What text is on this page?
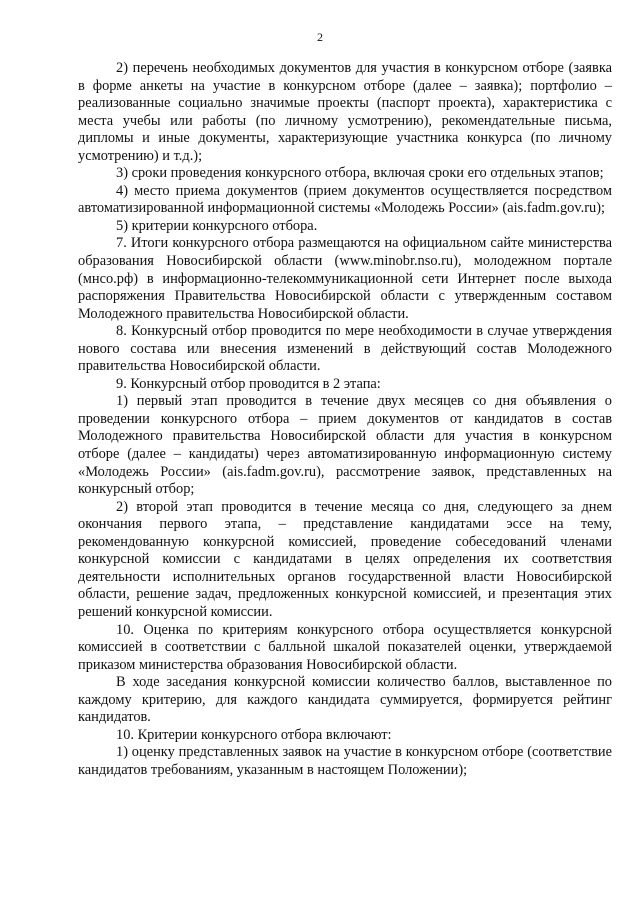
2

2) перечень необходимых документов для участия в конкурсном отборе (заявка в форме анкеты на участие в конкурсном отборе (далее – заявка); портфолио – реализованные социально значимые проекты (паспорт проекта), характеристика с места учебы или работы (по личному усмотрению), рекомендательные письма, дипломы и иные документы, характеризующие участника конкурса (по личному усмотрению) и т.д.);

3) сроки проведения конкурсного отбора, включая сроки его отдельных этапов;

4) место приема документов (прием документов осуществляется посредством автоматизированной информационной системы «Молодежь России» (ais.fadm.gov.ru);

5) критерии конкурсного отбора.

7. Итоги конкурсного отбора размещаются на официальном сайте министерства образования Новосибирской области (www.minobr.nso.ru), молодежном портале (мнсо.рф) в информационно-телекоммуникационной сети Интернет после выхода распоряжения Правительства Новосибирской области с утвержденным составом Молодежного правительства Новосибирской области.

8. Конкурсный отбор проводится по мере необходимости в случае утверждения нового состава или внесения изменений в действующий состав Молодежного правительства Новосибирской области.

9. Конкурсный отбор проводится в 2 этапа:

1) первый этап проводится в течение двух месяцев со дня объявления о проведении конкурсного отбора – прием документов от кандидатов в состав Молодежного правительства Новосибирской области для участия в конкурсном отборе (далее – кандидаты) через автоматизированную информационную систему «Молодежь России» (ais.fadm.gov.ru), рассмотрение заявок, представленных на конкурсный отбор;

2) второй этап проводится в течение месяца со дня, следующего за днем окончания первого этапа, – представление кандидатами эссе на тему, рекомендованную конкурсной комиссией, проведение собеседований членами конкурсной комиссии с кандидатами в целях определения их соответствия деятельности исполнительных органов государственной власти Новосибирской области, решение задач, предложенных конкурсной комиссией, и презентация этих решений конкурсной комиссии.

10. Оценка по критериям конкурсного отбора осуществляется конкурсной комиссией в соответствии с балльной шкалой показателей оценки, утверждаемой приказом министерства образования Новосибирской области.

В ходе заседания конкурсной комиссии количество баллов, выставленное по каждому критерию, для каждого кандидата суммируется, формируется рейтинг кандидатов.

10. Критерии конкурсного отбора включают:

1) оценку представленных заявок на участие в конкурсном отборе (соответствие кандидатов требованиям, указанным в настоящем Положении);
